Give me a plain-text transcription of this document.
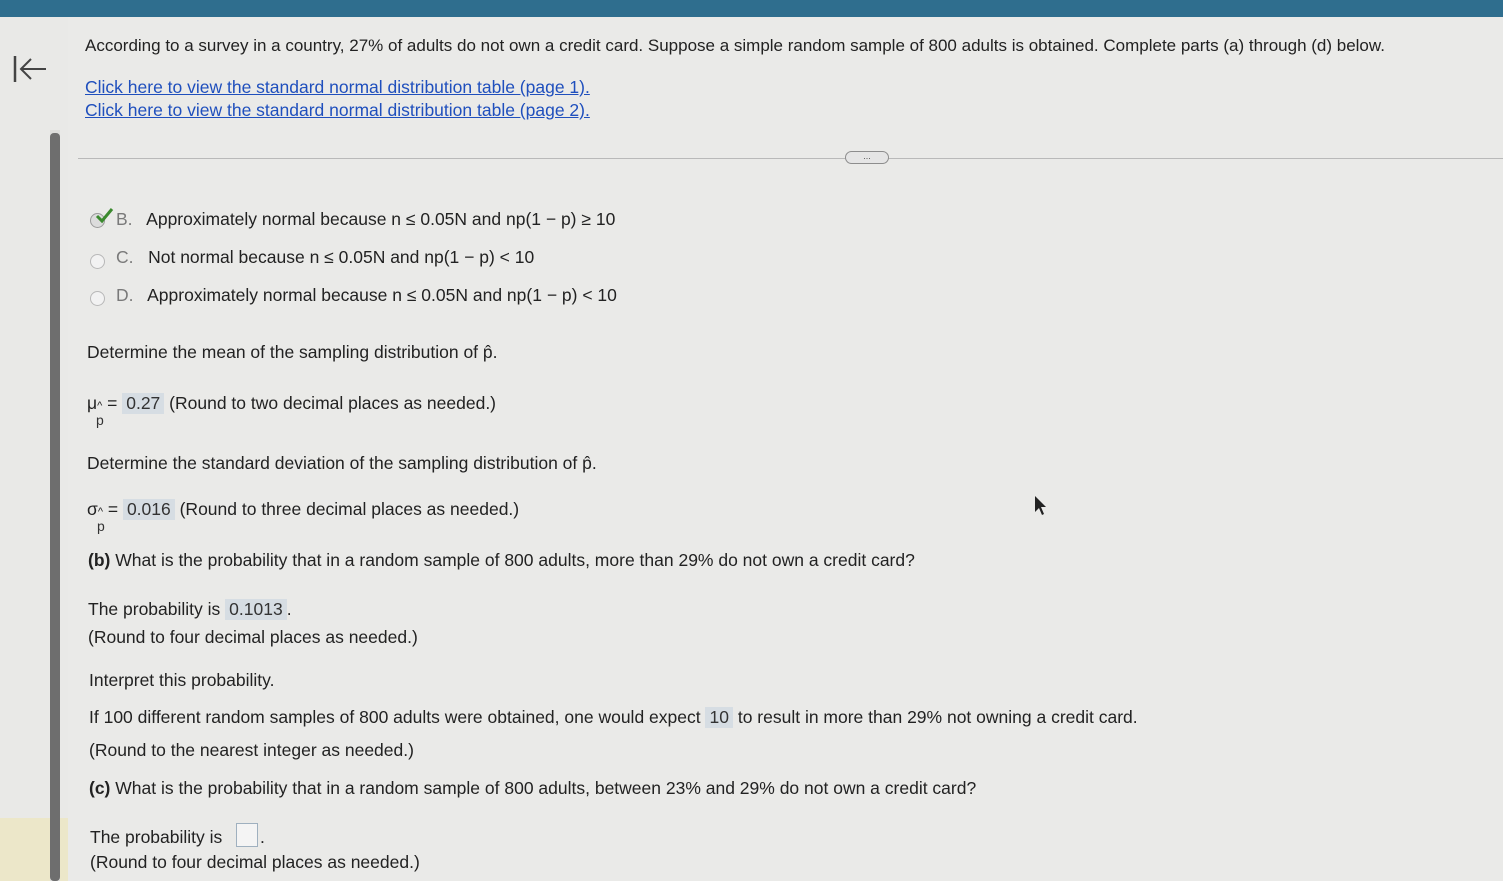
According to a survey in a country, 27% of adults do not own a credit card. Suppose a simple random sample of 800 adults is obtained. Complete parts (a) through (d) below.
Click here to view the standard normal distribution table (page 1).
Click here to view the standard normal distribution table (page 2).
...
B. Approximately normal because n ≤ 0.05N and np(1 − p) ≥ 10
C. Not normal because n ≤ 0.05N and np(1 − p) < 10
D. Approximately normal because n ≤ 0.05N and np(1 − p) < 10
Determine the mean of the sampling distribution of p̂.
μ^ = 0.27 (Round to two decimal places as needed.)
p
Determine the standard deviation of the sampling distribution of p̂.
σ^ = 0.016 (Round to three decimal places as needed.)
p
(b) What is the probability that in a random sample of 800 adults, more than 29% do not own a credit card?
The probability is 0.1013 .
(Round to four decimal places as needed.)
Interpret this probability.
If 100 different random samples of 800 adults were obtained, one would expect 10 to result in more than 29% not owning a credit card.
(Round to the nearest integer as needed.)
(c) What is the probability that in a random sample of 800 adults, between 23% and 29% do not own a credit card?
The probability is .
(Round to four decimal places as needed.)
